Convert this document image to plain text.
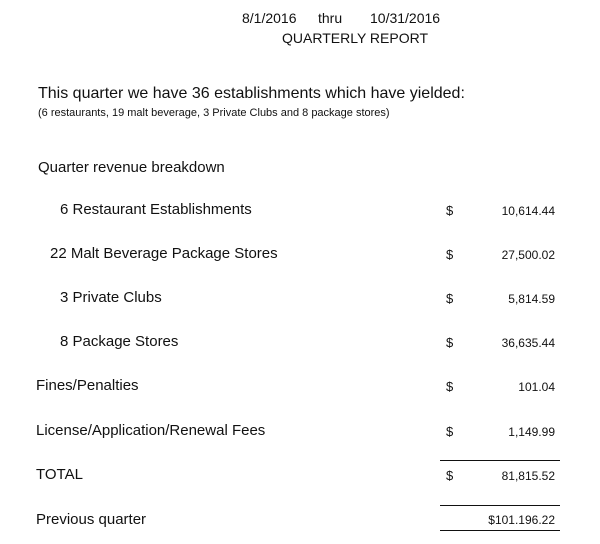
8/1/2016 thru 10/31/2016
QUARTERLY REPORT
This quarter we have 36 establishments which have yielded:
(6 restaurants, 19 malt beverage, 3 Private Clubs and 8 package stores)
Quarter revenue breakdown
6 Restaurant Establishments	$	10,614.44
22 Malt Beverage Package Stores	$	27,500.02
3 Private Clubs	$	5,814.59
8 Package Stores	$	36,635.44
Fines/Penalties	$	101.04
License/Application/Renewal Fees	$	1,149.99
TOTAL	$	81,815.52
Previous quarter	$101.196.22
